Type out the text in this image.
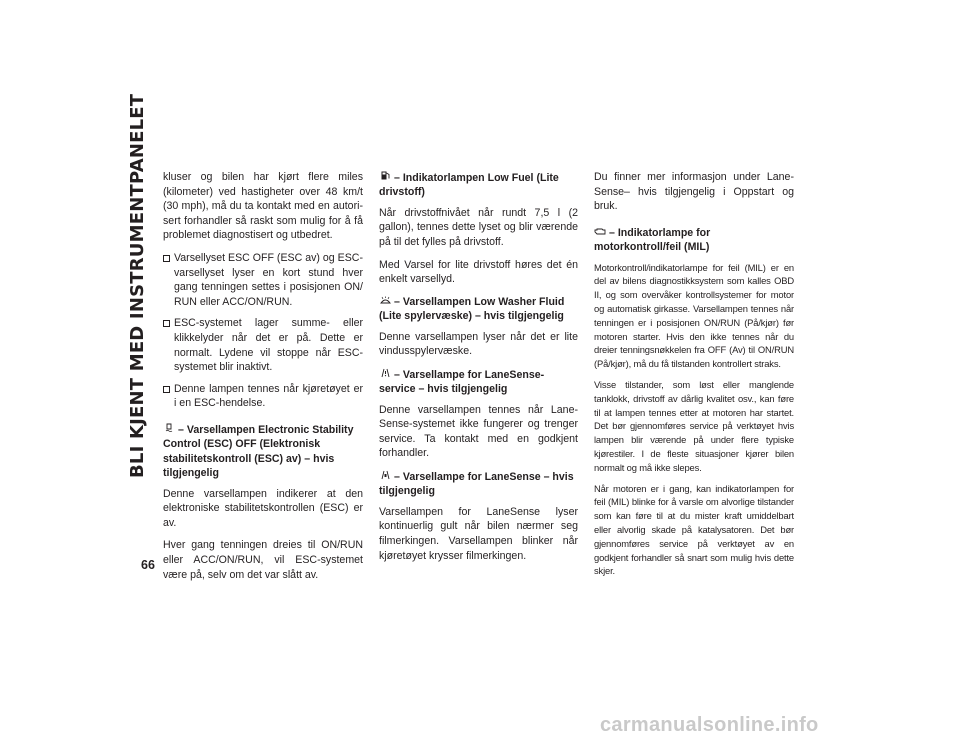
BLI KJENT MED INSTRUMENTPANELET
66

kluser og bilen har kjørt flere miles (kilometer) ved hastigheter over 48 km/t (30 mph), må du ta kontakt med en autorisert forhandler så raskt som mulig for å få problemet diagnostisert og utbedret.

Varsellyset ESC OFF (ESC av) og ESC-varsellyset lyser en kort stund hver gang tenningen settes i posisjonen ON/ RUN eller ACC/ON/RUN.
ESC-systemet lager summe- eller klikkelyder når det er på. Dette er normalt. Lydene vil stoppe når ESC-systemet blir inaktivt.
Denne lampen tennes når kjøretøyet er i en ESC-hendelse.
– Varsellampen Electronic Stability Control (ESC) OFF (Elektronisk stabilitetskontroll (ESC) av) – hvis tilgjengelig

Denne varsellampen indikerer at den elektroniske stabilitetskontrollen (ESC) er av.

Hver gang tenningen dreies til ON/RUN eller ACC/ON/RUN, vil ESC-systemet være på, selv om det var slått av.

– Indikatorlampen Low Fuel (Lite drivstoff)

Når drivstoffnivået når rundt 7,5 l (2 gallon), tennes dette lyset og blir værende på til det fylles på drivstoff.

Med Varsel for lite drivstoff høres det én enkelt varsellyd.

– Varsellampen Low Washer Fluid (Lite spylervæske) – hvis tilgjengelig

Denne varsellampen lyser når det er lite vindusspylervæske.

– Varsellampe for LaneSense-service – hvis tilgjengelig

Denne varsellampen tennes når LaneSense-systemet ikke fungerer og trenger service. Ta kontakt med en godkjent forhandler.

– Varsellampe for LaneSense – hvis tilgjengelig

Varsellampen for LaneSense lyser kontinuerlig gult når bilen nærmer seg filmerkingen. Varsellampen blinker når kjøretøyet krysser filmerkingen.

Du finner mer informasjon under LaneSense– hvis tilgjengelig i Oppstart og bruk.

– Indikatorlampe for motorkontroll/feil (MIL)

Motorkontroll/indikatorlampe for feil (MIL) er en del av bilens diagnostikksystem som kalles OBD II, og som overvåker kontrollsystemer for motor og automatisk girkasse. Varsellampen tennes når tenningen er i posisjonen ON/RUN (På/kjør) før motoren starter. Hvis den ikke tennes når du dreier tenningsnøkkelen fra OFF (Av) til ON/RUN (På/kjør), må du få tilstanden kontrollert straks.

Visse tilstander, som løst eller manglende tanklokk, drivstoff av dårlig kvalitet osv., kan føre til at lampen tennes etter at motoren har startet. Det bør gjennomføres service på verktøyet hvis lampen blir værende på under flere typiske kjørestiler. I de fleste situasjoner kjører bilen normalt og må ikke slepes.

Når motoren er i gang, kan indikatorlampen for feil (MIL) blinke for å varsle om alvorlige tilstander som kan føre til at du mister kraft umiddelbart eller alvorlig skade på katalysatoren. Det bør gjennomføres service på verktøyet av en godkjent forhandler så snart som mulig hvis dette skjer.

carmanualsonline.info
